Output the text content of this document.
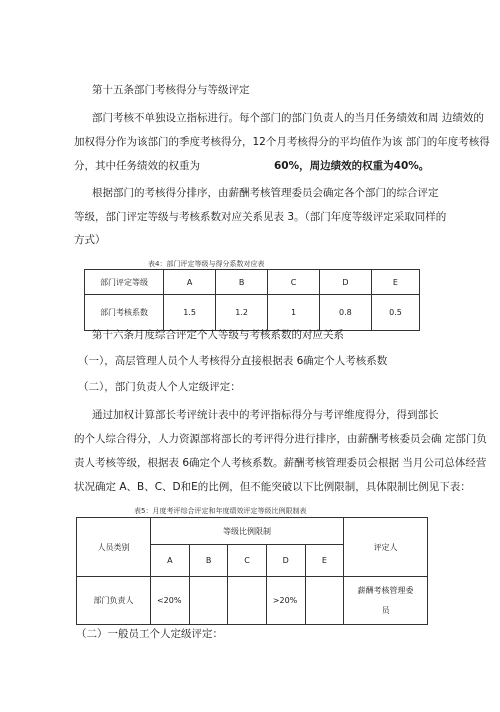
第十五条部门考核得分与等级评定
部门考核不单独设立指标进行。每个部门的部门负责人的当月任务绩效和周 边绩效的
加权得分作为该部门的季度考核得分，12个月考核得分的平均值作为该 部门的年度考核得
分，其中任务绩效的权重为	60%，周边绩效的权重为40%。
根据部门的考核得分排序，由薪酬考核管理委员会确定各个部门的综合评定
等级，部门评定等级与考核系数对应关系见表 3。（部门年度等级评定采取同样的
方式）
表4：部门评定等级与得分系数对应表
部门评定等级	A	B	C	D	E
部门考核系数	1.5	1.2	1	0.8	0.5
第十六条月度综合评定个人等级与考核系数的对应关系
（一），高层管理人员个人考核得分直接根据表 6确定个人考核系数
（二），部门负责人个人定级评定：
通过加权计算部长考评统计表中的考评指标得分与考评维度得分，得到部长
的个人综合得分，人力资源部将部长的考评得分进行排序，由薪酬考核委员会确 定部门负
责人考核等级，根据表 6确定个人考核系数。薪酬考核管理委员会根据 当月公司总体经营
状况确定 A、B、C、D和E的比例，但不能突破以下比例限制，具体限制比例见下表：
表5：月度考评综合评定和年度绩效评定等级比例限制表
人员类别	等级比例限制					评定人
	A	B	C	D	E	
部门负责人	<20%			>20%		薪酬考核管理委
员
（二）一般员工个人定级评定：
